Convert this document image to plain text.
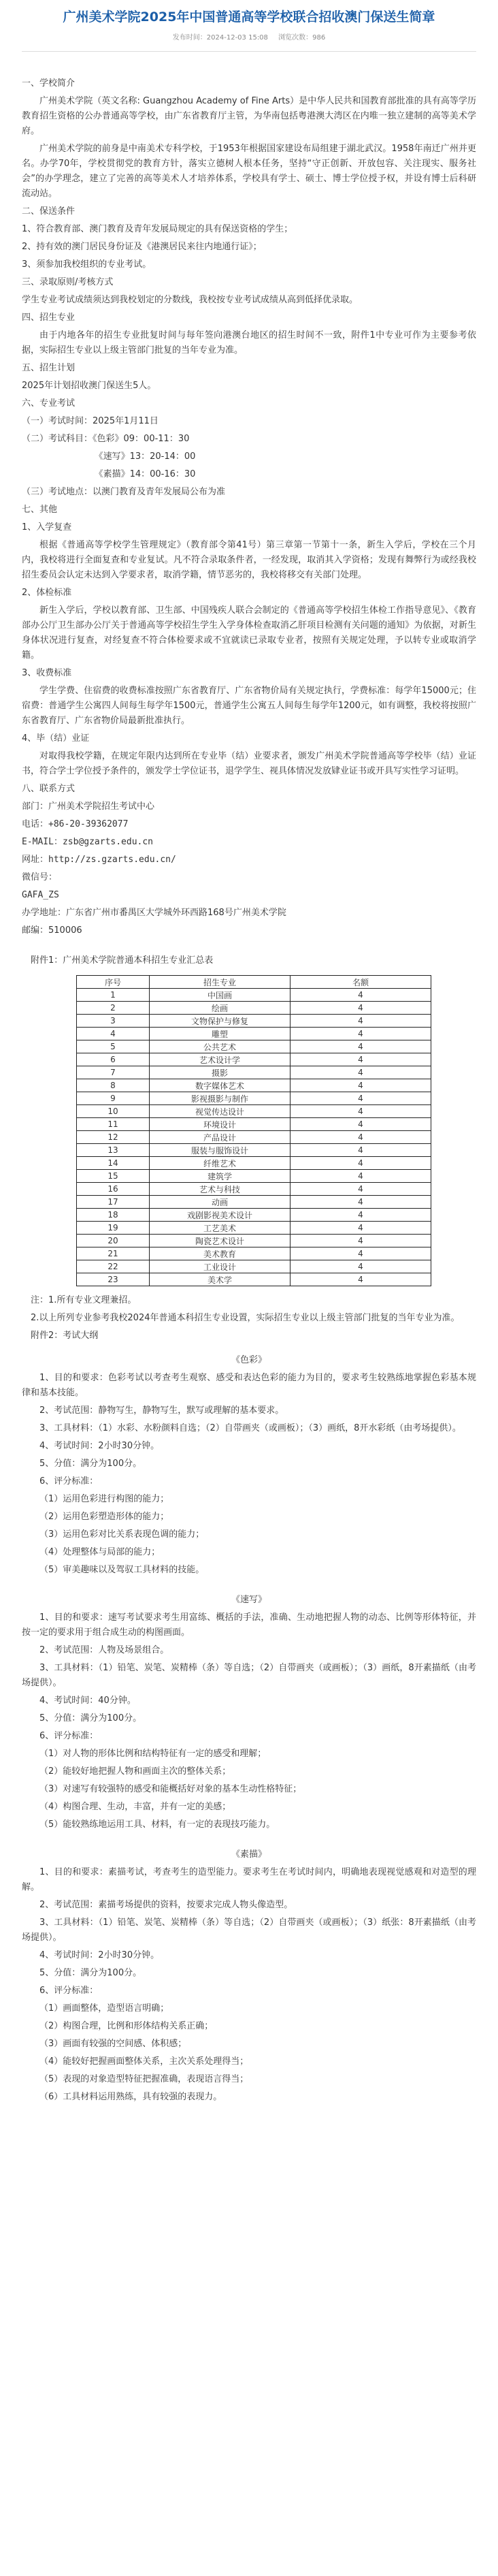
广州美术学院2025年中国普通高等学校联合招收澳门保送生简章
发布时间：2024-12-03 15:08 浏览次数：986

一、学校简介

广州美术学院（英文名称: Guangzhou Academy of Fine Arts）是中华人民共和国教育部批准的具有高等学历教育招生资格的公办普通高等学校，由广东省教育厅主管，为华南包括粤港澳大湾区在内唯一独立建制的高等美术学府。

广州美术学院的前身是中南美术专科学校，于1953年根据国家建设布局组建于湖北武汉。1958年南迁广州并更名。办学70年，学校贯彻党的教育方针，落实立德树人根本任务，坚持“守正创新、开放包容、关注现实、服务社会”的办学理念，建立了完善的高等美术人才培养体系，学校具有学士、硕士、博士学位授予权，并设有博士后科研流动站。

二、保送条件

1、符合教育部、澳门教育及青年发展局规定的具有保送资格的学生；

2、持有效的澳门居民身份证及《港澳居民来往内地通行证》；

3、须参加我校组织的专业考试。

三、录取原则/考核方式

学生专业考试成绩须达到我校划定的分数线，我校按专业考试成绩从高到低择优录取。

四、招生专业

由于内地各年的招生专业批复时间与每年签向港澳台地区的招生时间不一致，附件1中专业可作为主要参考依据，实际招生专业以上级主管部门批复的当年专业为准。

五、招生计划

2025年计划招收澳门保送生5人。

六、专业考试

（一）考试时间：2025年1月11日

（二）考试科目：《色彩》09：00-11：30

《速写》13：20-14：00

《素描》14：00-16：30

（三）考试地点：以澳门教育及青年发展局公布为准

七、其他

1、入学复查

根据《普通高等学校学生管理规定》（教育部令第41号）第三章第一节第十一条，新生入学后，学校在三个月内，我校将进行全面复查和专业复试。凡不符合录取条件者，一经发现，取消其入学资格；发现有舞弊行为或经我校招生委员会认定未达到入学要求者，取消学籍，情节恶劣的，我校将移交有关部门处理。

2、体检标准

新生入学后，学校以教育部、卫生部、中国残疾人联合会制定的《普通高等学校招生体检工作指导意见》、《教育部办公厅卫生部办公厅关于普通高等学校招生学生入学身体检查取消乙肝项目检测有关问题的通知》为依据，对新生身体状况进行复查，对经复查不符合体检要求或不宜就读已录取专业者，按照有关规定处理，予以转专业或取消学籍。

3、收费标准

学生学费、住宿费的收费标准按照广东省教育厅、广东省物价局有关规定执行，学费标准：每学年15000元；住宿费：普通学生公寓四人间每生每学年1500元，普通学生公寓五人间每生每学年1200元，如有调整，我校将按照广东省教育厅、广东省物价局最新批准执行。

4、毕（结）业证

对取得我校学籍，在规定年限内达到所在专业毕（结）业要求者，颁发广州美术学院普通高等学校毕（结）业证书，符合学士学位授予条件的，颁发学士学位证书，退学学生、视具体情况发放肄业证书或开具写实性学习证明。

八、联系方式

部门：广州美术学院招生考试中心

电话：+86-20-39362077

E-MAIL：zsb@gzarts.edu.cn

网址：http://zs.gzarts.edu.cn/

微信号：

GAFA_ZS

办学地址：广东省广州市番禺区大学城外环西路168号广州美术学院

邮编：510006

附件1：广州美术学院普通本科招生专业汇总表

序号	招生专业	名额
1	中国画	4
2	绘画	4
3	文物保护与修复	4
4	雕塑	4
5	公共艺术	4
6	艺术设计学	4
7	摄影	4
8	数字媒体艺术	4
9	影视摄影与制作	4
10	视觉传达设计	4
11	环境设计	4
12	产品设计	4
13	服装与服饰设计	4
14	纤维艺术	4
15	建筑学	4
16	艺术与科技	4
17	动画	4
18	戏剧影视美术设计	4
19	工艺美术	4
20	陶瓷艺术设计	4
21	美术教育	4
22	工业设计	4
23	美术学	4

注：1.所有专业文理兼招。

2.以上所列专业参考我校2024年普通本科招生专业设置，实际招生专业以上级主管部门批复的当年专业为准。

附件2：考试大纲

《色彩》

1、目的和要求：色彩考试以考查考生观察、感受和表达色彩的能力为目的，要求考生较熟练地掌握色彩基本规律和基本技能。

2、考试范围：静物写生，静物写生，默写或理解的基本要求。

3、工具材料：（1）水彩、水粉颜料自选；（2）自带画夹（或画板）；（3）画纸，8开水彩纸（由考场提供）。

4、考试时间：2小时30分钟。

5、分值：满分为100分。

6、评分标准：

（1）运用色彩进行构图的能力；

（2）运用色彩塑造形体的能力；

（3）运用色彩对比关系表现色调的能力；

（4）处理整体与局部的能力；

（5）审美趣味以及驾驭工具材料的技能。

《速写》

1、目的和要求：速写考试要求考生用富练、概括的手法，准确、生动地把握人物的动态、比例等形体特征，并按一定的要求用于组合成生动的构图画面。

2、考试范围：人物及场景组合。

3、工具材料：（1）铅笔、炭笔、炭精棒（条）等自选；（2）自带画夹（或画板）；（3）画纸，8开素描纸（由考场提供）。

4、考试时间：40分钟。

5、分值：满分为100分。

6、评分标准：

（1）对人物的形体比例和结构特征有一定的感受和理解；

（2）能较好地把握人物和画面主次的整体关系；

（3）对速写有较强特的感受和能概括好对象的基本生动性格特征；

（4）构图合理、生动，丰富，并有一定的美感；

（5）能较熟练地运用工具、材料，有一定的表现技巧能力。

《素描》

1、目的和要求：素描考试，考查考生的造型能力。要求考生在考试时间内，明确地表现视觉感观和对造型的理解。

2、考试范围：素描考场提供的资料，按要求完成人物头像造型。

3、工具材料：（1）铅笔、炭笔、炭精棒（条）等自选；（2）自带画夹（或画板）；（3）纸张：8开素描纸（由考场提供）。

4、考试时间：2小时30分钟。

5、分值：满分为100分。

6、评分标准：

（1）画面整体，造型语言明确；

（2）构图合理，比例和形体结构关系正确；

（3）画面有较强的空间感、体积感；

（4）能较好把握画面整体关系，主次关系处理得当；

（5）表现的对象造型特征把握准确，表现语言得当；

（6）工具材料运用熟练，具有较强的表现力。
